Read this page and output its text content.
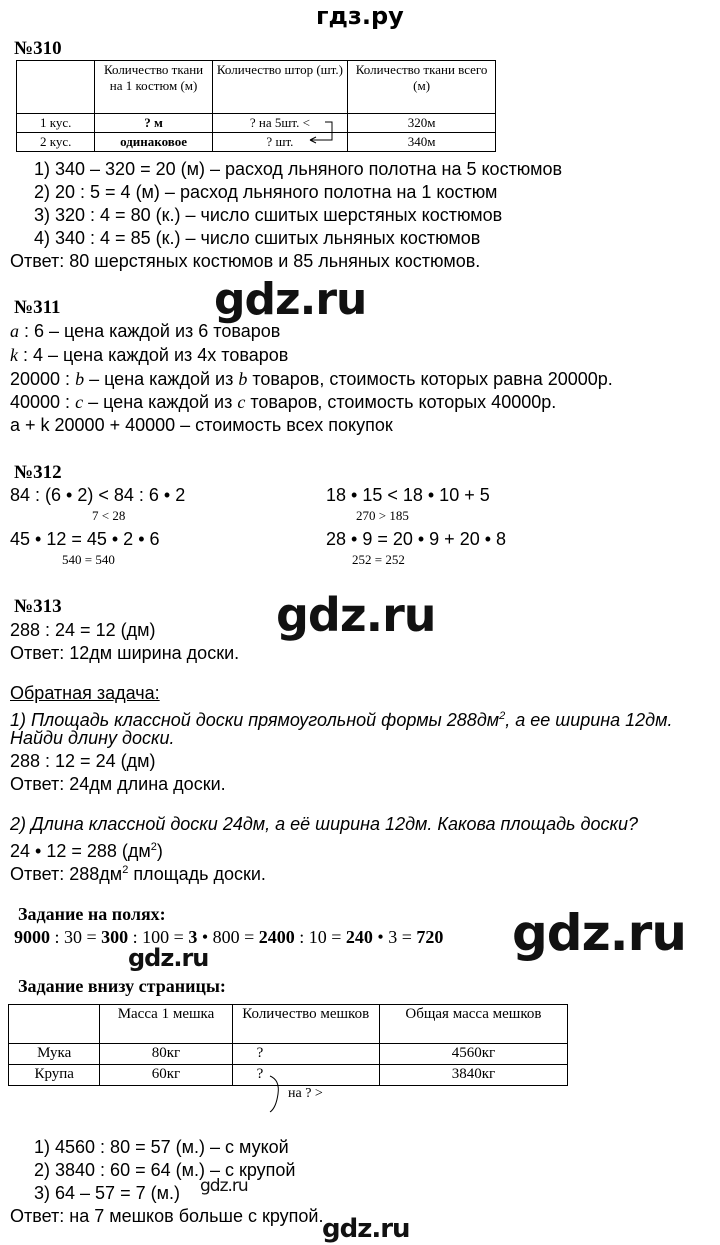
гдз.ру
№310
	Количество ткани на 1 костюм (м)	Количество штор (шт.)	Количество ткани всего (м)
1 кус.	? м	? на 5шт. <	320м
2 кус.	одинаковое	? шт.	340м
1) 340 – 320 = 20 (м) – расход льняного полотна на 5 костюмов
2) 20 : 5 = 4 (м) – расход льняного полотна на 1 костюм
3) 320 : 4 = 80 (к.) – число сшитых шерстяных костюмов
4) 340 : 4 = 85 (к.) – число сшитых льняных костюмов
Ответ: 80 шерстяных костюмов и 85 льняных костюмов.
gdz.ru
№311
a : 6 – цена каждой из 6 товаров
k : 4 – цена каждой из 4х товаров
20000 : b – цена каждой из b товаров, стоимость которых равна 20000р.
40000 : c – цена каждой из c товаров, стоимость которых 40000р.
a + k 20000 + 40000 – стоимость всех покупок
№312
84 : (6 • 2) < 84 : 6 • 2
7 < 28
45 • 12 = 45 • 2 • 6
540 = 540
18 • 15 < 18 • 10 + 5
270 > 185
28 • 9 = 20 • 9 + 20 • 8
252 = 252
№313	gdz.ru
288 : 24 = 12 (дм)
Ответ: 12дм ширина доски.
Обратная задача:
1) Площадь классной доски прямоугольной формы $288дм^2$, а ее ширина 12дм.
Найди длину доски.
288 : 12 = 24 (дм)
Ответ: 24дм длина доски.
2) Длина классной доски 24дм, а её ширина 12дм. Какова площадь доски?
24 • 12 = 288 $(дм^2)$
Ответ: $288дм^2$ площадь доски.
Задание на полях:
9000 : 30 = 300 : 100 = 3 • 800 = 2400 : 10 = 240 • 3 = 720 gdz.ru
gdz.ru
Задание внизу страницы:
	Масса 1 мешка	Количество мешков	Общая масса мешков
Мука	80кг	?	4560кг
Крупа	60кг	?	3840кг
на ? >
1) 4560 : 80 = 57 (м.) – с мукой
2) 3840 : 60 = 64 (м.) – с крупой
3) 64 – 57 = 7 (м.) gdz.ru
Ответ: на 7 мешков больше с крупой.
gdz.ru
